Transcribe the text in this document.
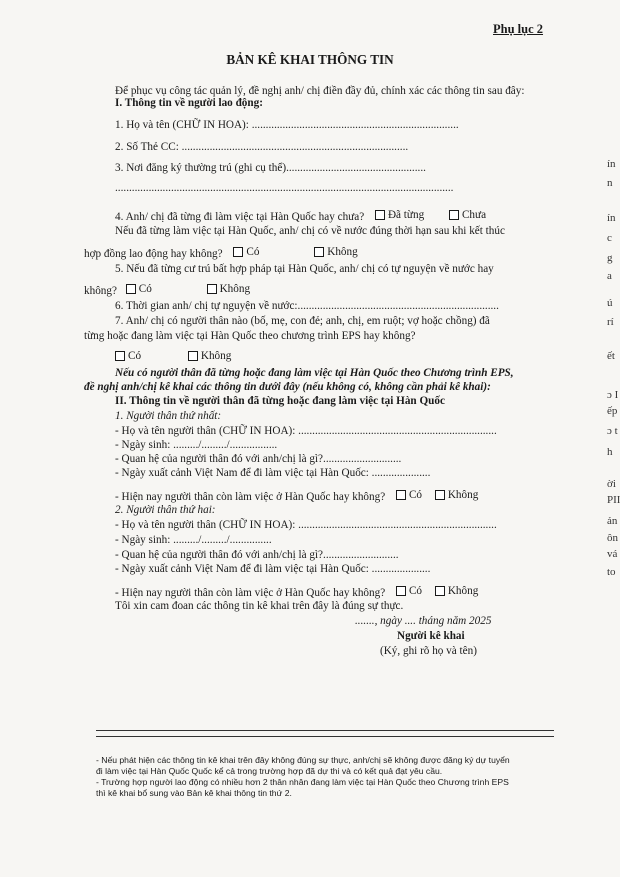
Phụ lục 2
BẢN KÊ KHAI THÔNG TIN
Để phục vụ công tác quản lý, đề nghị anh/ chị điền đầy đủ, chính xác các thông tin sau đây:
I. Thông tin về người lao động:
1. Họ và tên (CHỮ IN HOA): ..........................................................................
2. Số Thẻ CC: .................................................................................
3. Nơi đăng ký thường trú (ghi cụ thể)..................................................
.........................................................................................................................
4. Anh/ chị đã từng đi làm việc tại Hàn Quốc hay chưa? Đã từng
	Chưa
Nếu đã từng làm việc tại Hàn Quốc, anh/ chị có về nước đúng thời hạn sau khi kết thúc
hợp đồng lao động hay không? Có
	Không
5. Nếu đã từng cư trú bất hợp pháp tại Hàn Quốc, anh/ chị có tự nguyện về nước hay
không? Có
	Không
6. Thời gian anh/ chị tự nguyện về nước:........................................................................
7. Anh/ chị có người thân nào (bố, mẹ, con đẻ; anh, chị, em ruột; vợ hoặc chồng) đã
từng hoặc đang làm việc tại Hàn Quốc theo chương trình EPS hay không?
Có
	Không
Nếu có người thân đã từng hoặc đang làm việc tại Hàn Quốc theo Chương trình EPS,
đề nghị anh/chị kê khai các thông tin dưới đây (nếu không có, không cần phải kê khai):
II. Thông tin về người thân đã từng hoặc đang làm việc tại Hàn Quốc
1. Người thân thứ nhất:
- Họ và tên người thân (CHỮ IN HOA): .......................................................................
- Ngày sinh: ........./........./.................
- Quan hệ của người thân đó với anh/chị là gì?............................
- Ngày xuất cảnh Việt Nam để đi làm việc tại Hàn Quốc: .....................
- Hiện nay người thân còn làm việc ở Hàn Quốc hay không? Có
Không
2. Người thân thứ hai:
- Họ và tên người thân (CHỮ IN HOA): .......................................................................
- Ngày sinh: ........./........./...............
- Quan hệ của người thân đó với anh/chị là gì?...........................
- Ngày xuất cảnh Việt Nam để đi làm việc tại Hàn Quốc: .....................
- Hiện nay người thân còn làm việc ở Hàn Quốc hay không? Có
Không
Tôi xin cam đoan các thông tin kê khai trên đây là đúng sự thực.
......., ngày .... tháng năm 2025
Người kê khai
(Ký, ghi rõ họ và tên)
- Nếu phát hiện các thông tin kê khai trên đây không đúng sự thực, anh/chị sẽ không được đăng ký dự tuyển
đi làm việc tại Hàn Quốc Quốc kể cả trong trường hợp đã dự thi và có kết quả đạt yêu cầu.
- Trường hợp người lao động có nhiều hơn 2 thân nhân đang làm việc tại Hàn Quốc theo Chương trình EPS
thì kê khai bổ sung vào Bản kê khai thông tin thứ 2.
ín
n
ín
c
g
a
ú
rí
ết
ɔ I
ếp
ɔ t
h
ời
PII
ản
ôn
vá
to
